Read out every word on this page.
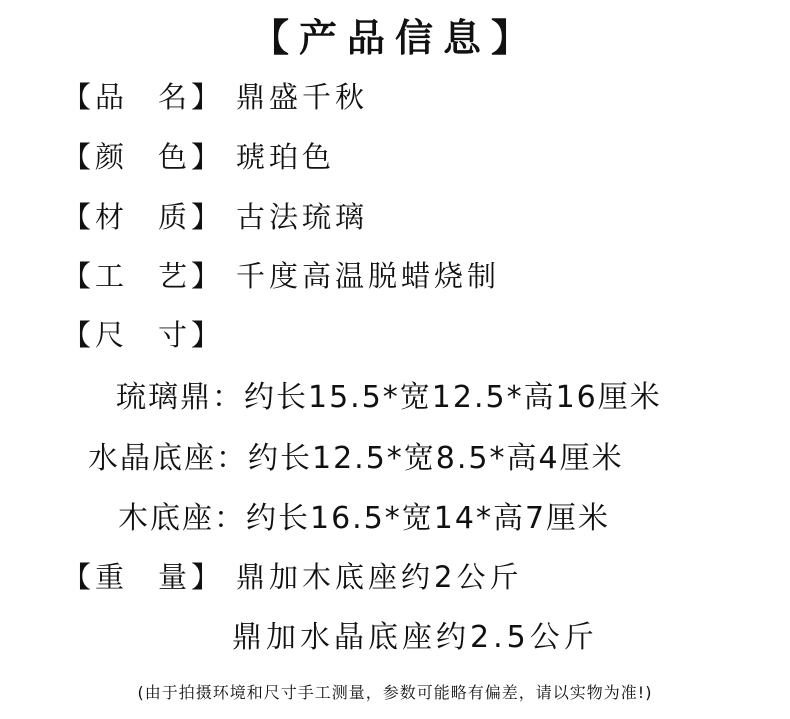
【产品信息】
【品	名】 鼎盛千秋
【颜	色】 琥珀色
【材	质】 古法琉璃
【工	艺】 千度高温脱蜡烧制
【尺	寸】
琉璃鼎：约长15.5*宽12.5*高16厘米
水晶底座：约长12.5*宽8.5*高4厘米
木底座：约长16.5*宽14*高7厘米
【重	量】 鼎加木底座约2公斤
鼎加水晶底座约2.5公斤
(由于拍摄环境和尺寸手工测量，参数可能略有偏差，请以实物为准!)
